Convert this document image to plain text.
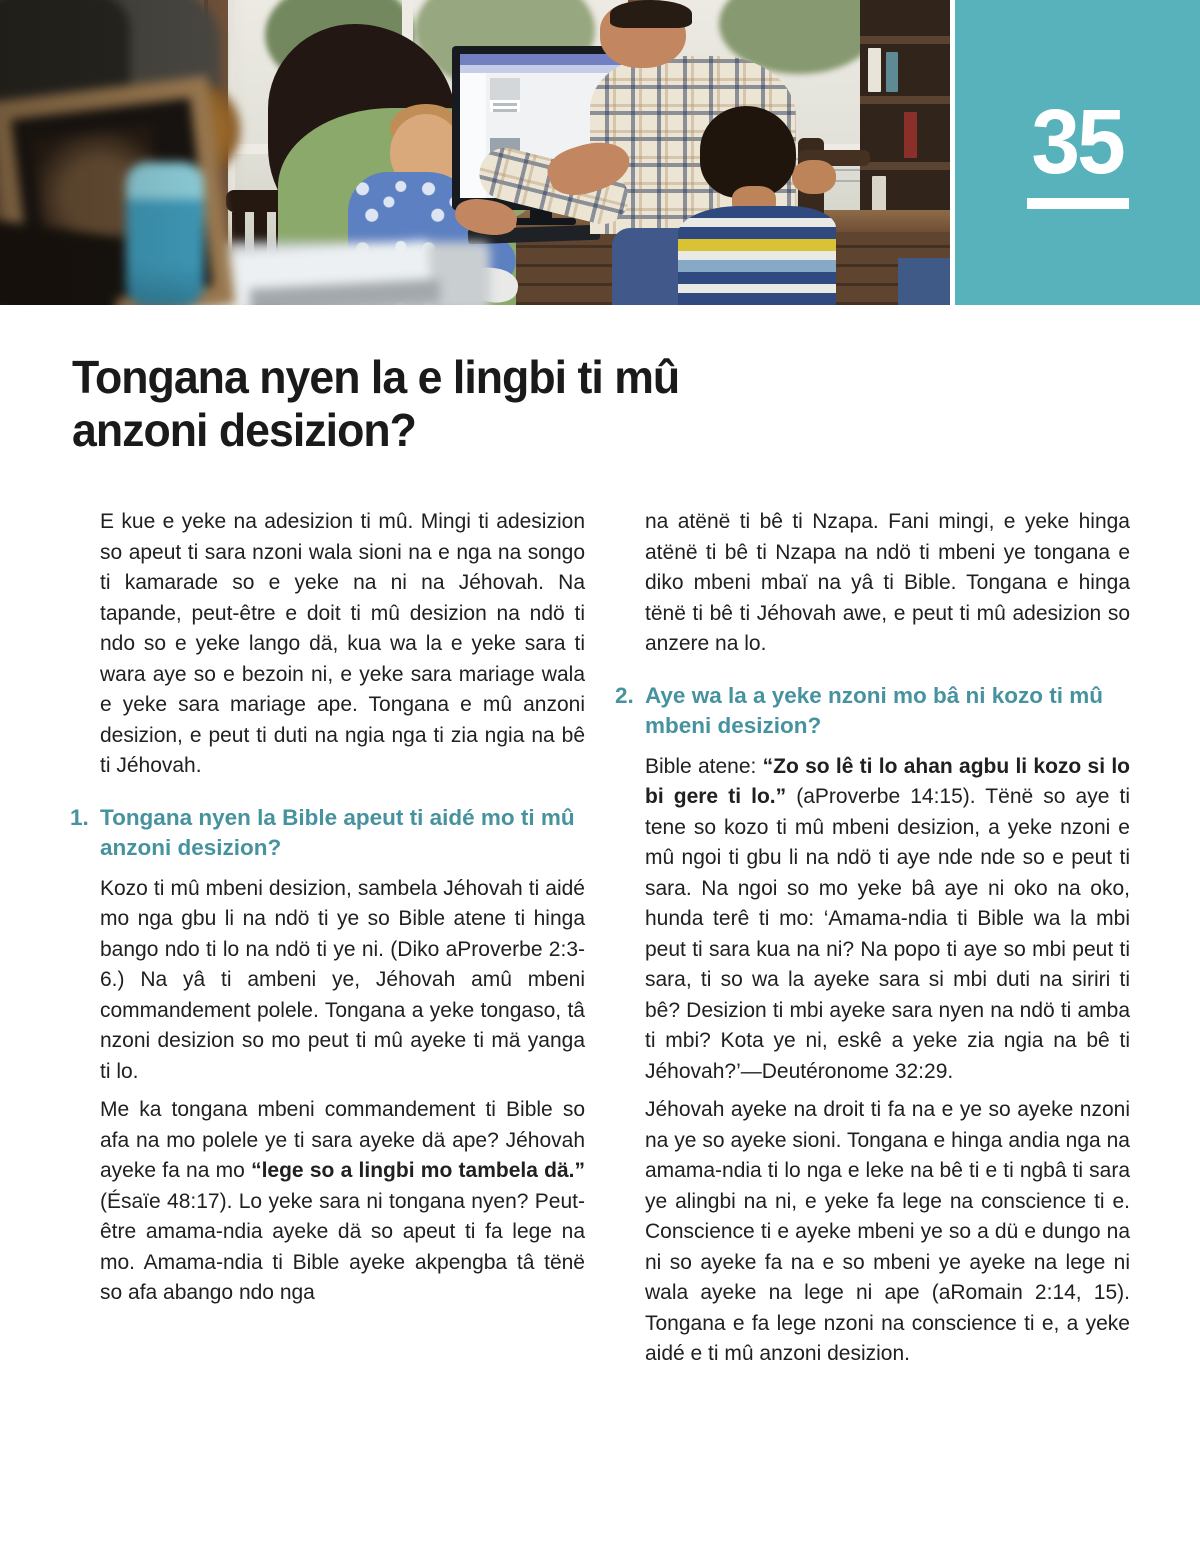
35
Tongana nyen la e lingbi ti mû
anzoni desizion?

E kue e yeke na adesizion ti mû. Mingi ti adesizion so apeut ti sara nzoni wala sioni na e nga na songo ti kamarade so e yeke na ni na Jéhovah. Na tapande, peut-être e doit ti mû desizion na ndö ti ndo so e yeke lango dä, kua wa la e yeke sara ti wara aye so e bezoin ni, e yeke sara mariage wala e yeke sara mariage ape. Tongana e mû anzoni desizion, e peut ti duti na ngia nga ti zia ngia na bê ti Jéhovah.

1. Tongana nyen la Bible apeut ti aidé mo ti mû anzoni desizion?

Kozo ti mû mbeni desizion, sambela Jéhovah ti aidé mo nga gbu li na ndö ti ye so Bible atene ti hinga bango ndo ti lo na ndö ti ye ni. (Diko aProverbe 2:3-6.) Na yâ ti ambeni ye, Jéhovah amû mbeni commandement polele. Tongana a yeke tongaso, tâ nzoni desizion so mo peut ti mû ayeke ti mä yanga ti lo.

Me ka tongana mbeni commandement ti Bible so afa na mo polele ye ti sara ayeke dä ape? Jéhovah ayeke fa na mo “lege so a lingbi mo tambela dä.” (Ésaïe 48:17). Lo yeke sara ni tongana nyen? Peut-être amama-ndia ayeke dä so apeut ti fa lege na mo. Amama-ndia ti Bible ayeke akpengba tâ tënë so afa abango ndo nga

na atënë ti bê ti Nzapa. Fani mingi, e yeke hinga atënë ti bê ti Nzapa na ndö ti mbeni ye tongana e diko mbeni mbaï na yâ ti Bible. Tongana e hinga tënë ti bê ti Jéhovah awe, e peut ti mû adesizion so anzere na lo.

2. Aye wa la a yeke nzoni mo bâ ni kozo ti mû mbeni desizion?

Bible atene: “Zo so lê ti lo ahan agbu li kozo si lo bi gere ti lo.” (aProverbe 14:15). Tënë so aye ti tene so kozo ti mû mbeni desizion, a yeke nzoni e mû ngoi ti gbu li na ndö ti aye nde nde so e peut ti sara. Na ngoi so mo yeke bâ aye ni oko na oko, hunda terê ti mo: ‘Amama-ndia ti Bible wa la mbi peut ti sara kua na ni? Na popo ti aye so mbi peut ti sara, ti so wa la ayeke sara si mbi duti na siriri ti bê? Desizion ti mbi ayeke sara nyen na ndö ti amba ti mbi? Kota ye ni, eskê a yeke zia ngia na bê ti Jéhovah?’—Deutéronome 32:29.

Jéhovah ayeke na droit ti fa na e ye so ayeke nzoni na ye so ayeke sioni. Tongana e hinga andia nga na amama-ndia ti lo nga e leke na bê ti e ti ngbâ ti sara ye alingbi na ni, e yeke fa lege na conscience ti e. Conscience ti e ayeke mbeni ye so a dü e dungo na ni so ayeke fa na e so mbeni ye ayeke na lege ni wala ayeke na lege ni ape (aRomain 2:14, 15). Tongana e fa lege nzoni na conscience ti e, a yeke aidé e ti mû anzoni desizion.
